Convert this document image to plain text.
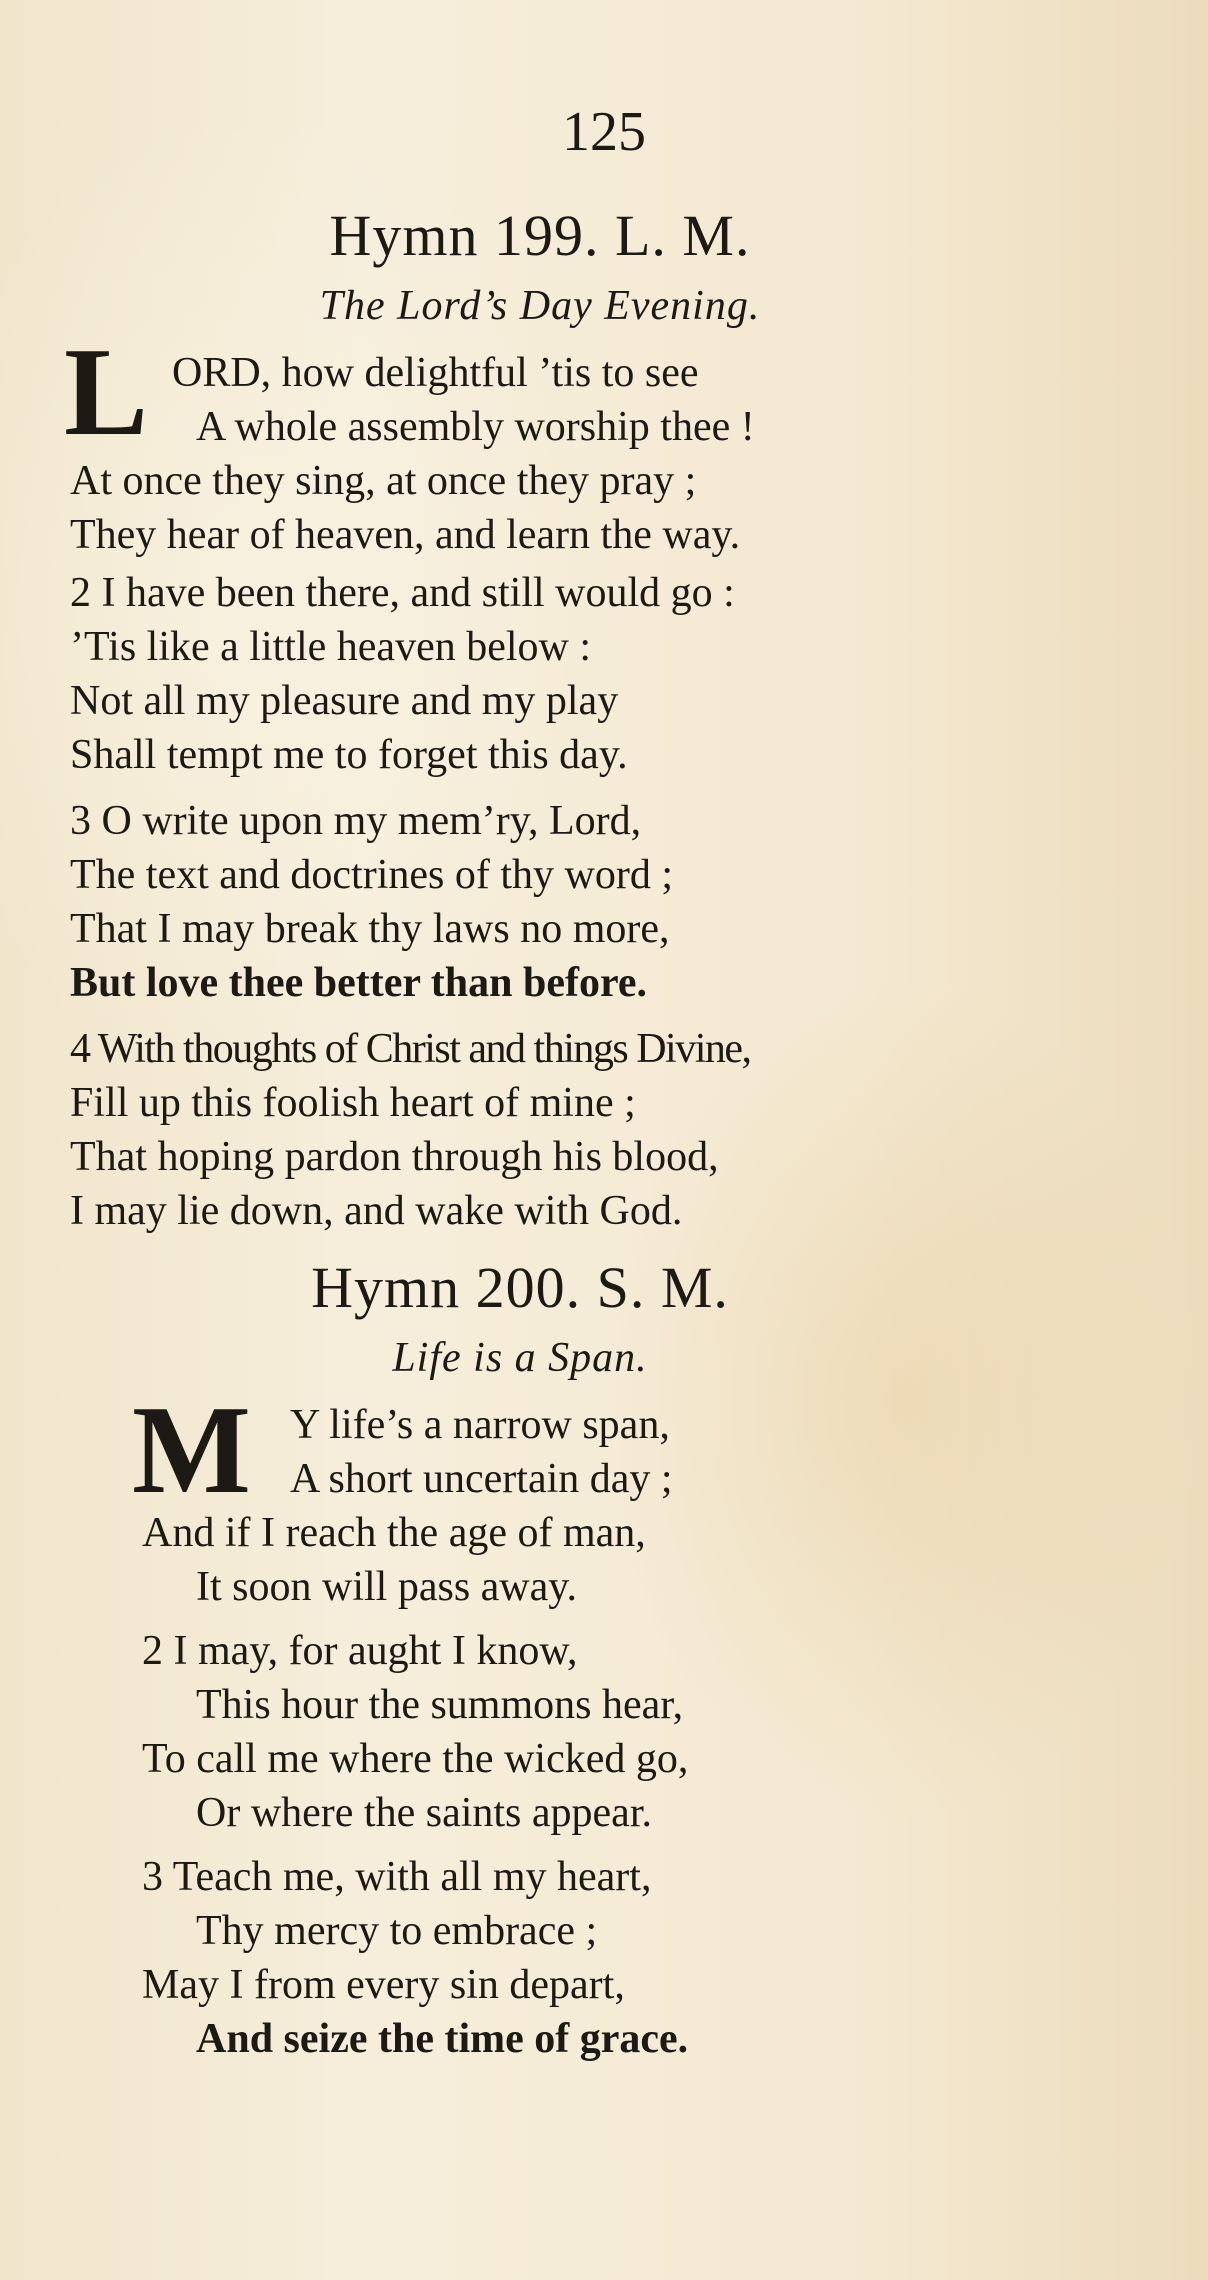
125
Hymn 199. L. M.
The Lord’s Day Evening.
L ORD, how delightful ’tis to see
A whole assembly worship thee !
At once they sing, at once they pray ;
They hear of heaven, and learn the way.
2 I have been there, and still would go :
’Tis like a little heaven below :
Not all my pleasure and my play
Shall tempt me to forget this day.
3 O write upon my mem’ry, Lord,
The text and doctrines of thy word ;
That I may break thy laws no more,
But love thee better than before.
4 With thoughts of Christ and things Divine,
Fill up this foolish heart of mine ;
That hoping pardon through his blood,
I may lie down, and wake with God.
Hymn 200. S. M.
Life is a Span.
M Y life’s a narrow span,
A short uncertain day ;
And if I reach the age of man,
It soon will pass away.
2 I may, for aught I know,
This hour the summons hear,
To call me where the wicked go,
Or where the saints appear.
3 Teach me, with all my heart,
Thy mercy to embrace ;
May I from every sin depart,
And seize the time of grace.
